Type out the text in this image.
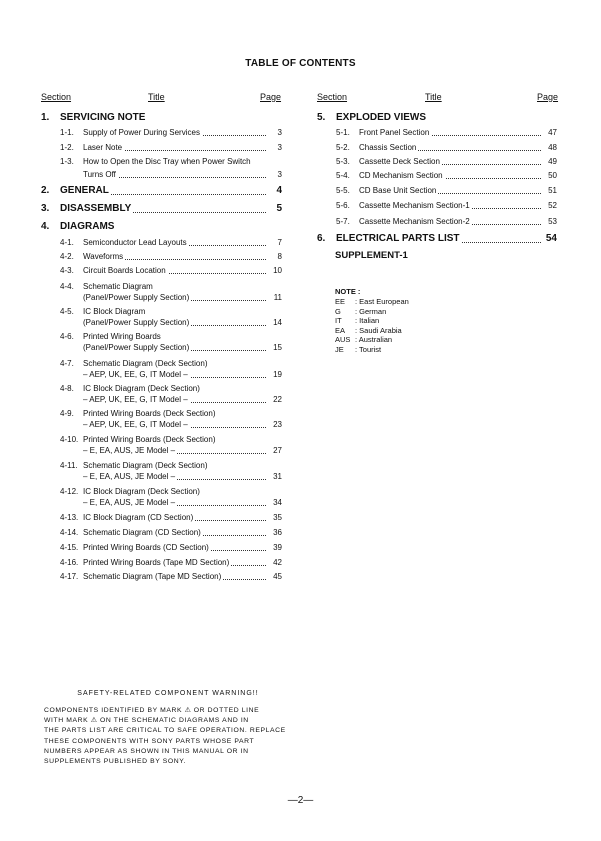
TABLE OF CONTENTS
Section	Title	Page	Section	Title	Page
1. SERVICING NOTE
1-1. Supply of Power During Services	3
1-2. Laser Note	3
1-3. How to Open the Disc Tray when Power Switch
Turns Off	3
2. GENERAL	4
3. DISASSEMBLY	5
4. DIAGRAMS
4-1. Semiconductor Lead Layouts	7
4-2. Waveforms	8
4-3. Circuit Boards Location	10
4-4. Schematic Diagram
(Panel/Power Supply Section)	11
4-5. IC Block Diagram
(Panel/Power Supply Section)	14
4-6. Printed Wiring Boards
(Panel/Power Supply Section)	15
4-7. Schematic Diagram (Deck Section)
– AEP, UK, EE, G, IT Model –	19
4-8. IC Block Diagram (Deck Section)
– AEP, UK, EE, G, IT Model –	22
4-9. Printed Wiring Boards (Deck Section)
– AEP, UK, EE, G, IT Model –	23
4-10. Printed Wiring Boards (Deck Section)
– E, EA, AUS, JE Model –	27
4-11. Schematic Diagram (Deck Section)
– E, EA, AUS, JE Model –	31
4-12. IC Block Diagram (Deck Section)
– E, EA, AUS, JE Model –	34
4-13. IC Block Diagram (CD Section)	35
4-14. Schematic Diagram (CD Section)	36
4-15. Printed Wiring Boards (CD Section)	39
4-16. Printed Wiring Boards (Tape MD Section)	42
4-17. Schematic Diagram (Tape MD Section)	45
5. EXPLODED VIEWS
5-1. Front Panel Section	47
5-2. Chassis Section	48
5-3. Cassette Deck Section	49
5-4. CD Mechanism Section	50
5-5. CD Base Unit Section	51
5-6. Cassette Mechanism Section-1	52
5-7. Cassette Mechanism Section-2	53
6. ELECTRICAL PARTS LIST	54
SUPPLEMENT-1
NOTE :
EE : East European
G : German
IT : Italian
EA : Saudi Arabia
AUS : Australian
JE : Tourist
SAFETY-RELATED COMPONENT WARNING!!
COMPONENTS IDENTIFIED BY MARK ⚠ OR DOTTED LINE
WITH MARK ⚠ ON THE SCHEMATIC DIAGRAMS AND IN
THE PARTS LIST ARE CRITICAL TO SAFE OPERATION. REPLACE
THESE COMPONENTS WITH SONY PARTS WHOSE PART
NUMBERS APPEAR AS SHOWN IN THIS MANUAL OR IN
SUPPLEMENTS PUBLISHED BY SONY.
—2—
